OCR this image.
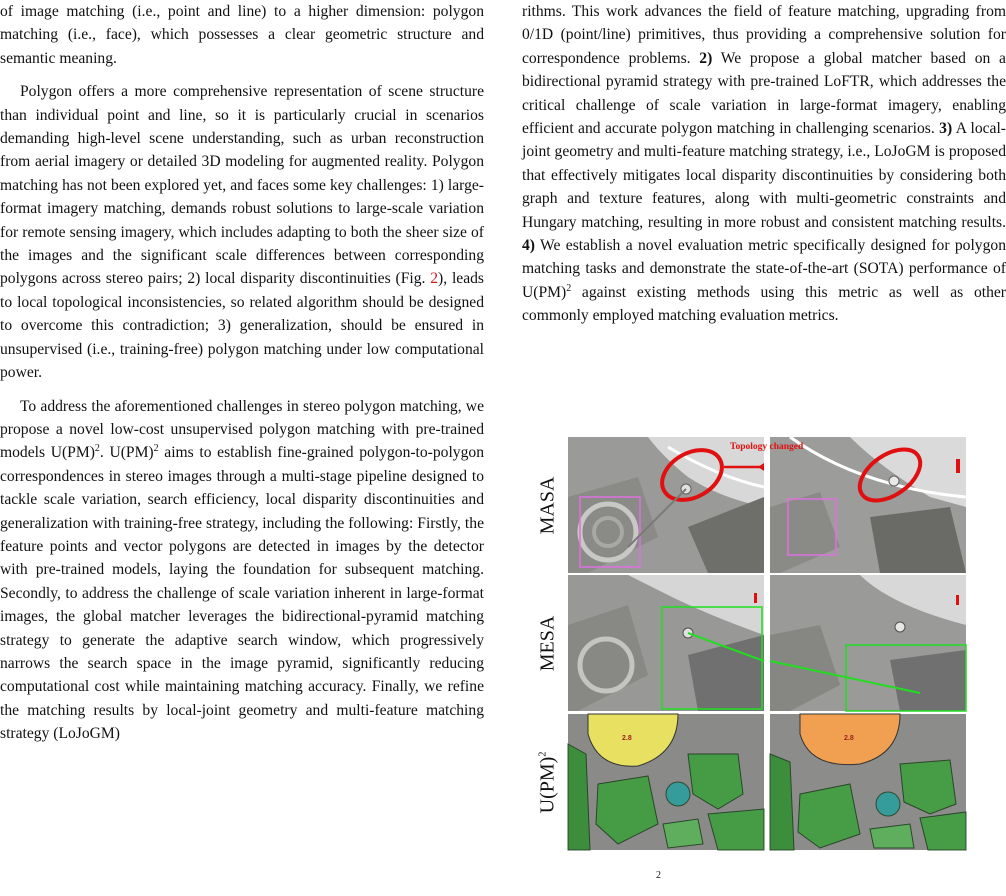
of image matching (i.e., point and line) to a higher dimension: polygon matching (i.e., face), which possesses a clear geometric structure and semantic meaning.

Polygon offers a more comprehensive representation of scene structure than individual point and line, so it is particularly crucial in scenarios demanding high-level scene understanding, such as urban reconstruction from aerial imagery or detailed 3D modeling for augmented reality. Polygon matching has not been explored yet, and faces some key challenges: 1) large-format imagery matching, demands robust solutions to large-scale variation for remote sensing imagery, which includes adapting to both the sheer size of the images and the significant scale differences between corresponding polygons across stereo pairs; 2) local disparity discontinuities (Fig. 2), leads to local topological inconsistencies, so related algorithm should be designed to overcome this contradiction; 3) generalization, should be ensured in unsupervised (i.e., training-free) polygon matching under low computational power.

To address the aforementioned challenges in stereo polygon matching, we propose a novel low-cost unsupervised polygon matching with pre-trained models U(PM)$^2$. U(PM)$^2$ aims to establish fine-grained polygon-to-polygon correspondences in stereo images through a multi-stage pipeline designed to tackle scale variation, search efficiency, local disparity discontinuities and generalization with training-free strategy, including the following: Firstly, the feature points and vector polygons are detected in images by the detector with pre-trained models, laying the foundation for subsequent matching. Secondly, to address the challenge of scale variation inherent in large-format images, the global matcher leverages the bidirectional-pyramid matching strategy to generate the adaptive search window, which progressively narrows the search space in the image pyramid, significantly reducing computational cost while maintaining matching accuracy. Finally, we refine the matching results by local-joint geometry and multi-feature matching strategy (LoJoGM)

rithms. This work advances the field of feature matching, upgrading from 0/1D (point/line) primitives, thus providing a comprehensive solution for correspondence problems. 2) We propose a global matcher based on a bidirectional pyramid strategy with pre-trained LoFTR, which addresses the critical challenge of scale variation in large-format imagery, enabling efficient and accurate polygon matching in challenging scenarios. 3) A local-joint geometry and multi-feature matching strategy, i.e., LoJoGM is proposed that effectively mitigates local disparity discontinuities by considering both graph and texture features, along with multi-geometric constraints and Hungary matching, resulting in more robust and consistent matching results. 4) We establish a novel evaluation metric specifically designed for polygon matching tasks and demonstrate the state-of-the-art (SOTA) performance of U(PM)$^2$ against existing methods using this metric as well as other commonly employed matching evaluation metrics.

MASA
MESA
U(PM)$^2$
Topology changed
2.8	2.8
$^2$
